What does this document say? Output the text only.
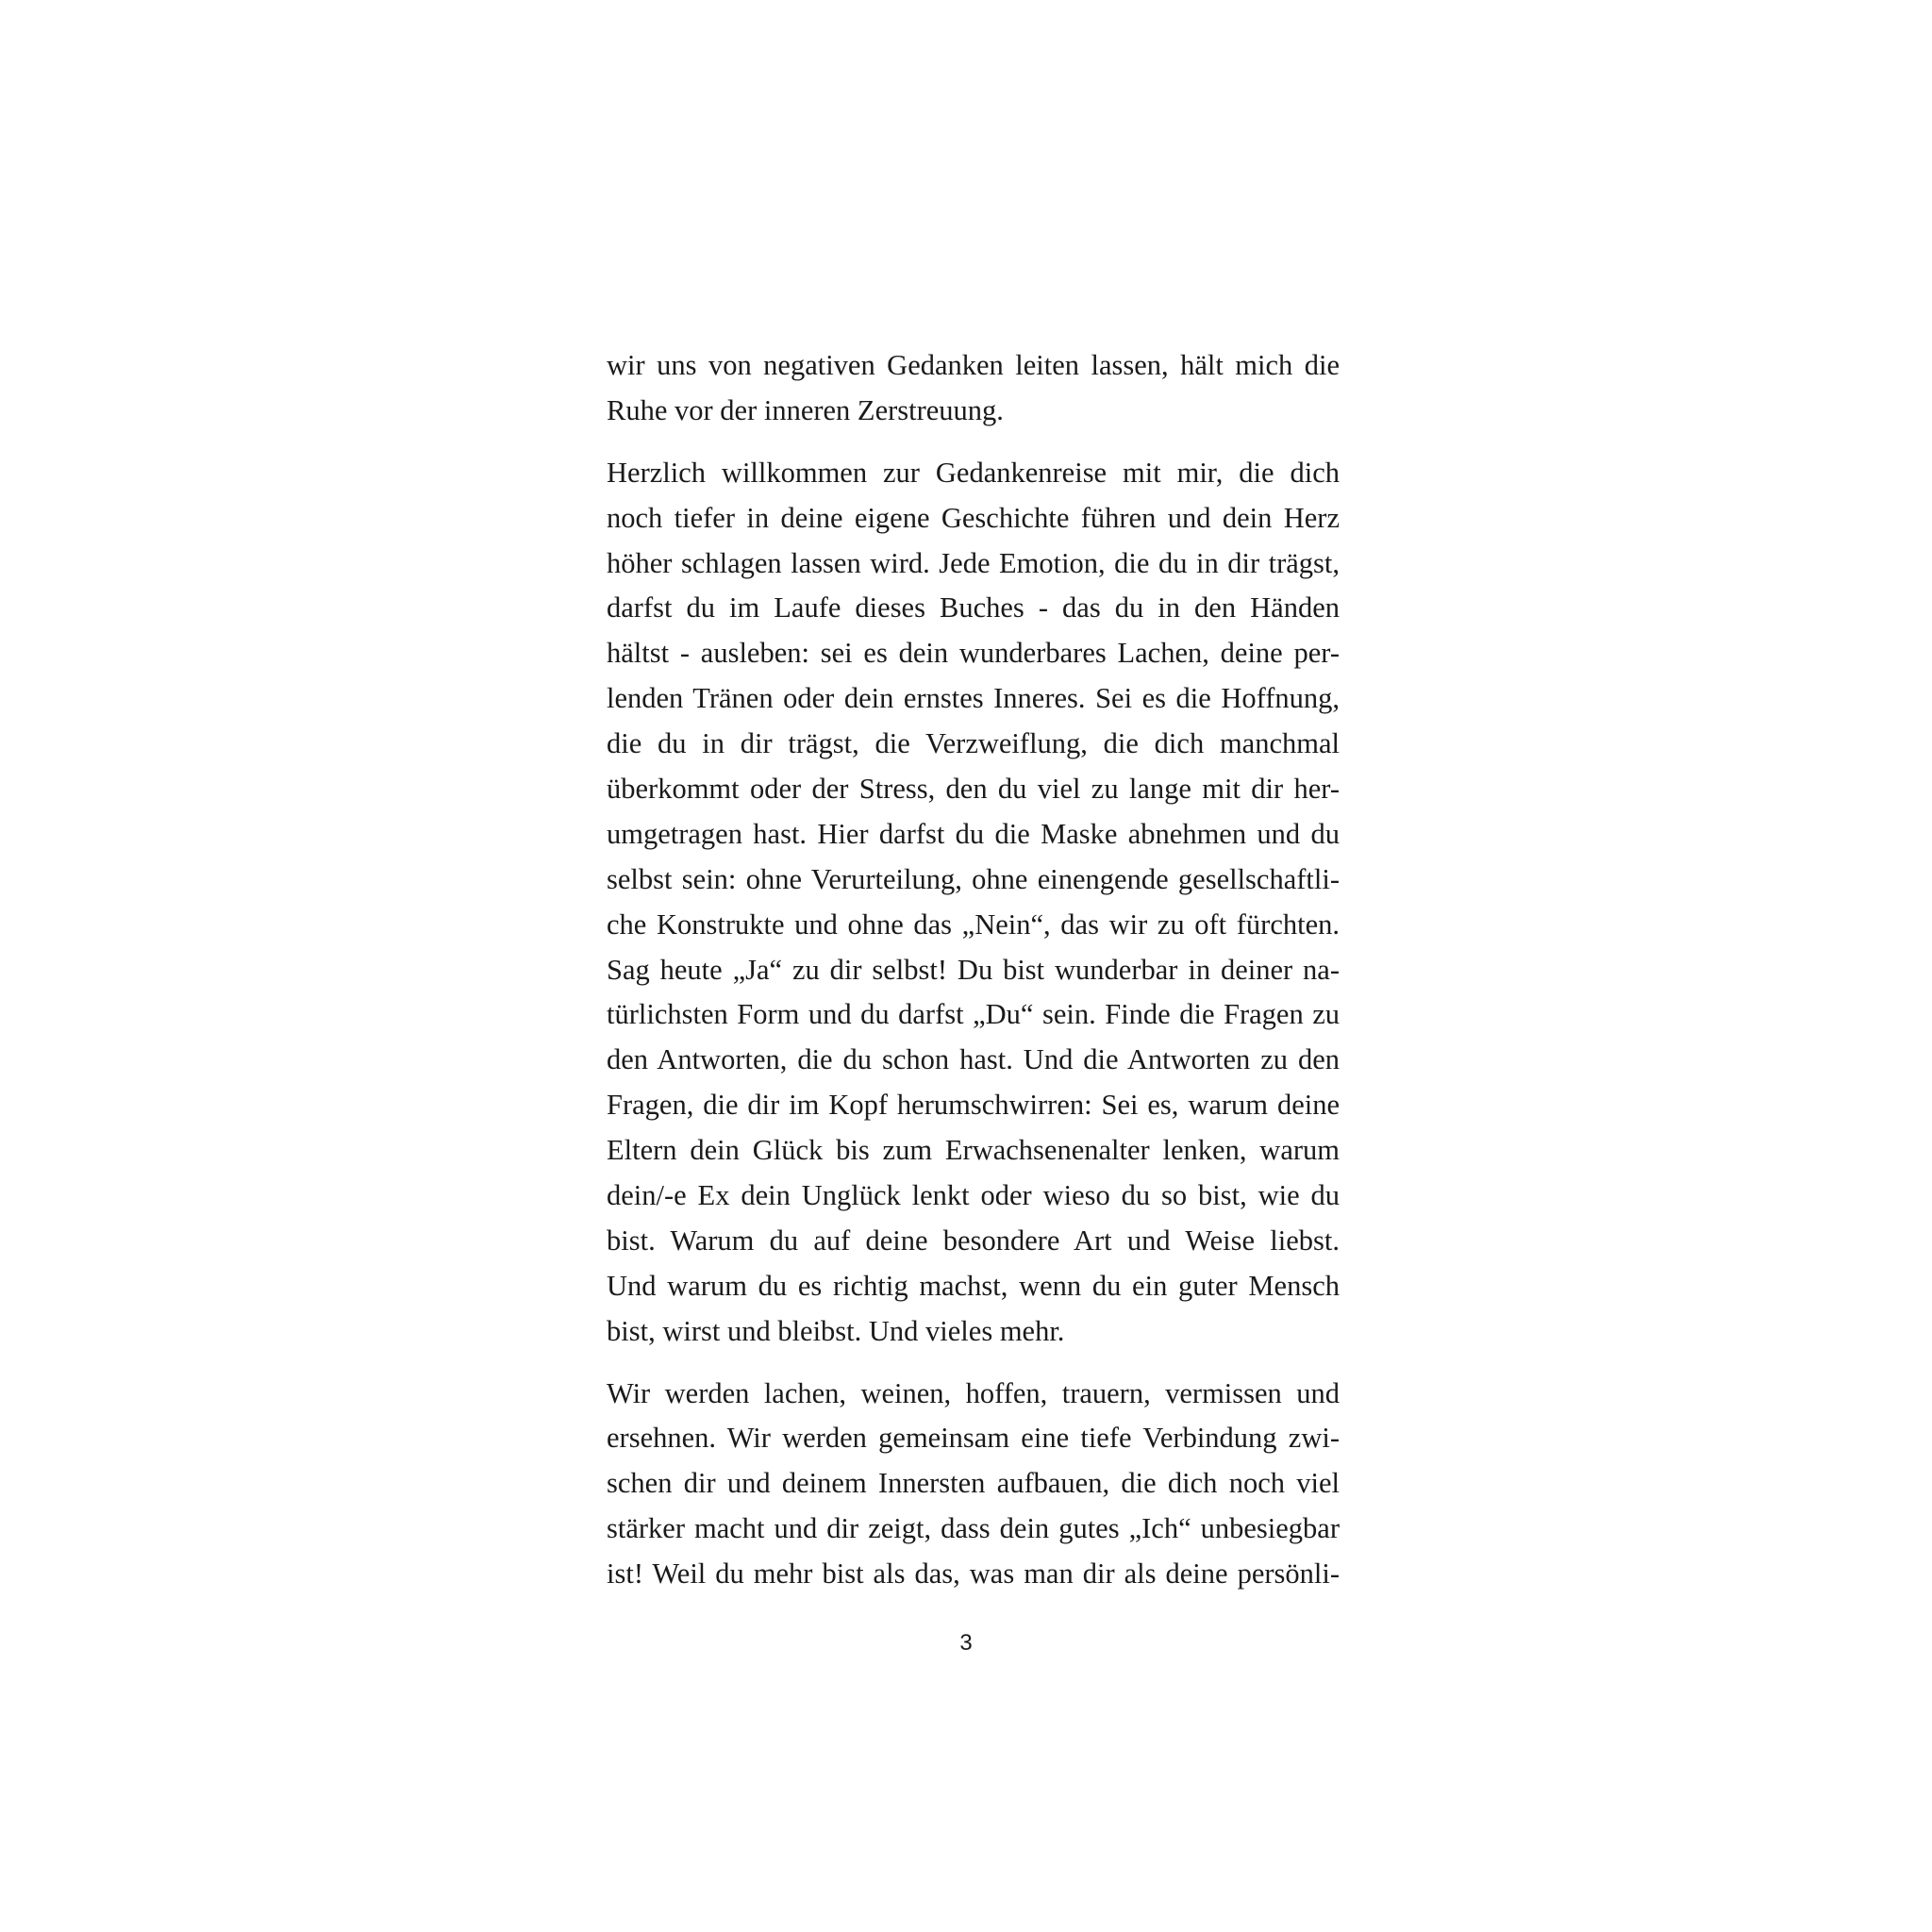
wir uns von negativen Gedanken leiten lassen, hält mich die
Ruhe vor der inneren Zerstreuung.
Herzlich willkommen zur Gedankenreise mit mir, die dich
noch tiefer in deine eigene Geschichte führen und dein Herz
höher schlagen lassen wird. Jede Emotion, die du in dir trägst,
darfst du im Laufe dieses Buches - das du in den Händen
hältst - ausleben: sei es dein wunderbares Lachen, deine per-
lenden Tränen oder dein ernstes Inneres. Sei es die Hoffnung,
die du in dir trägst, die Verzweiflung, die dich manchmal
überkommt oder der Stress, den du viel zu lange mit dir her-
umgetragen hast. Hier darfst du die Maske abnehmen und du
selbst sein: ohne Verurteilung, ohne einengende gesellschaftli-
che Konstrukte und ohne das „Nein“, das wir zu oft fürchten.
Sag heute „Ja“ zu dir selbst! Du bist wunderbar in deiner na-
türlichsten Form und du darfst „Du“ sein. Finde die Fragen zu
den Antworten, die du schon hast. Und die Antworten zu den
Fragen, die dir im Kopf herumschwirren: Sei es, warum deine
Eltern dein Glück bis zum Erwachsenenalter lenken, warum
dein/-e Ex dein Unglück lenkt oder wieso du so bist, wie du
bist. Warum du auf deine besondere Art und Weise liebst.
Und warum du es richtig machst, wenn du ein guter Mensch
bist, wirst und bleibst. Und vieles mehr.
Wir werden lachen, weinen, hoffen, trauern, vermissen und
ersehnen. Wir werden gemeinsam eine tiefe Verbindung zwi-
schen dir und deinem Innersten aufbauen, die dich noch viel
stärker macht und dir zeigt, dass dein gutes „Ich“ unbesiegbar
ist! Weil du mehr bist als das, was man dir als deine persönli-
3
